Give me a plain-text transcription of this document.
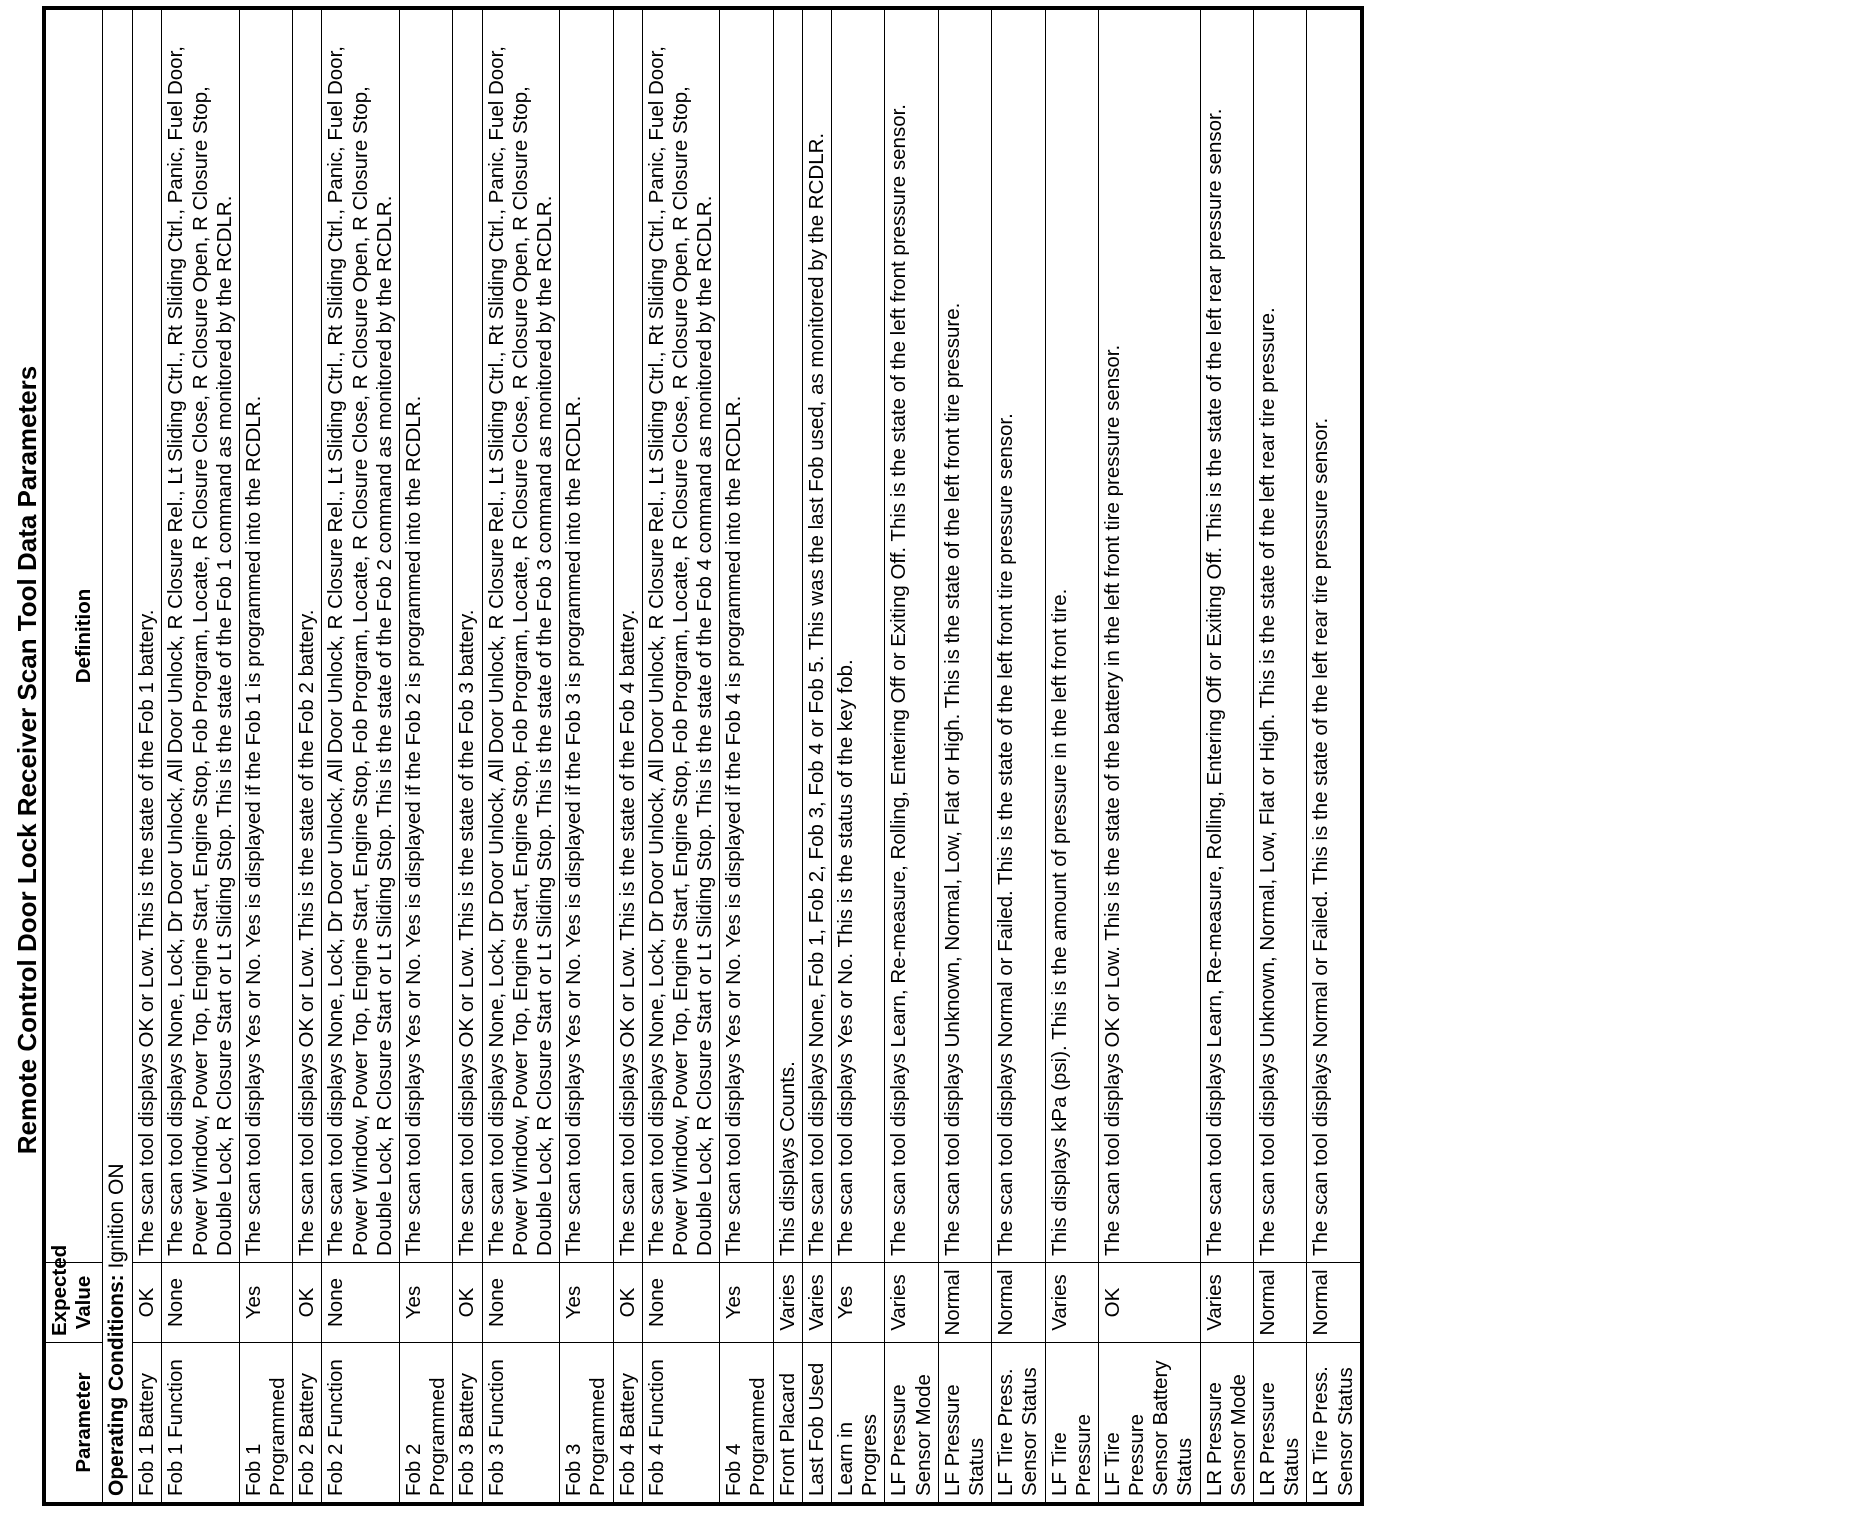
Remote Control Door Lock Receiver Scan Tool Data Parameters
Parameter	Expected Value	Definition
Operating Conditions: Ignition ON		
Fob 1 Battery	OK	The scan tool displays OK or Low. This is the state of the Fob 1 battery.
Fob 1 Function	None	The scan tool displays None, Lock, Dr Door Unlock, All Door Unlock, R Closure Rel., Lt Sliding Ctrl., Rt Sliding Ctrl., Panic, Fuel Door, Power Window, Power Top, Engine Start, Engine Stop, Fob Program, Locate, R Closure Close, R Closure Open, R Closure Stop, Double Lock, R Closure Start or Lt Sliding Stop. This is the state of the Fob 1 command as monitored by the RCDLR.
Fob 1 Programmed	Yes	The scan tool displays Yes or No. Yes is displayed if the Fob 1 is programmed into the RCDLR.
Fob 2 Battery	OK	The scan tool displays OK or Low. This is the state of the Fob 2 battery.
Fob 2 Function	None	The scan tool displays None, Lock, Dr Door Unlock, All Door Unlock, R Closure Rel., Lt Sliding Ctrl., Rt Sliding Ctrl., Panic, Fuel Door, Power Window, Power Top, Engine Start, Engine Stop, Fob Program, Locate, R Closure Close, R Closure Open, R Closure Stop, Double Lock, R Closure Start or Lt Sliding Stop. This is the state of the Fob 2 command as monitored by the RCDLR.
Fob 2 Programmed	Yes	The scan tool displays Yes or No. Yes is displayed if the Fob 2 is programmed into the RCDLR.
Fob 3 Battery	OK	The scan tool displays OK or Low. This is the state of the Fob 3 battery.
Fob 3 Function	None	The scan tool displays None, Lock, Dr Door Unlock, All Door Unlock, R Closure Rel., Lt Sliding Ctrl., Rt Sliding Ctrl., Panic, Fuel Door, Power Window, Power Top, Engine Start, Engine Stop, Fob Program, Locate, R Closure Close, R Closure Open, R Closure Stop, Double Lock, R Closure Start or Lt Sliding Stop. This is the state of the Fob 3 command as monitored by the RCDLR.
Fob 3 Programmed	Yes	The scan tool displays Yes or No. Yes is displayed if the Fob 3 is programmed into the RCDLR.
Fob 4 Battery	OK	The scan tool displays OK or Low. This is the state of the Fob 4 battery.
Fob 4 Function	None	The scan tool displays None, Lock, Dr Door Unlock, All Door Unlock, R Closure Rel., Lt Sliding Ctrl., Rt Sliding Ctrl., Panic, Fuel Door, Power Window, Power Top, Engine Start, Engine Stop, Fob Program, Locate, R Closure Close, R Closure Open, R Closure Stop, Double Lock, R Closure Start or Lt Sliding Stop. This is the state of the Fob 4 command as monitored by the RCDLR.
Fob 4 Programmed	Yes	The scan tool displays Yes or No. Yes is displayed if the Fob 4 is programmed into the RCDLR.
Front Placard	Varies	This displays Counts.
Last Fob Used	Varies	The scan tool displays None, Fob 1, Fob 2, Fob 3, Fob 4 or Fob 5. This was the last Fob used, as monitored by the RCDLR.
Learn in Progress	Yes	The scan tool displays Yes or No. This is the status of the key fob.
LF Pressure Sensor Mode	Varies	The scan tool displays Learn, Re-measure, Rolling, Entering Off or Exiting Off. This is the state of the left front pressure sensor.
LF Pressure Status	Normal	The scan tool displays Unknown, Normal, Low, Flat or High. This is the state of the left front tire pressure.
LF Tire Press. Sensor Status	Normal	The scan tool displays Normal or Failed. This is the state of the left front tire pressure sensor.
LF Tire Pressure	Varies	This displays kPa (psi). This is the amount of pressure in the left front tire.
LF Tire Pressure Sensor Battery Status	OK	The scan tool displays OK or Low. This is the state of the battery in the left front tire pressure sensor.
LR Pressure Sensor Mode	Varies	The scan tool displays Learn, Re-measure, Rolling, Entering Off or Exiting Off. This is the state of the left rear pressure sensor.
LR Pressure Status	Normal	The scan tool displays Unknown, Normal, Low, Flat or High. This is the state of the left rear tire pressure.
LR Tire Press. Sensor Status	Normal	The scan tool displays Normal or Failed. This is the state of the left rear tire pressure sensor.
